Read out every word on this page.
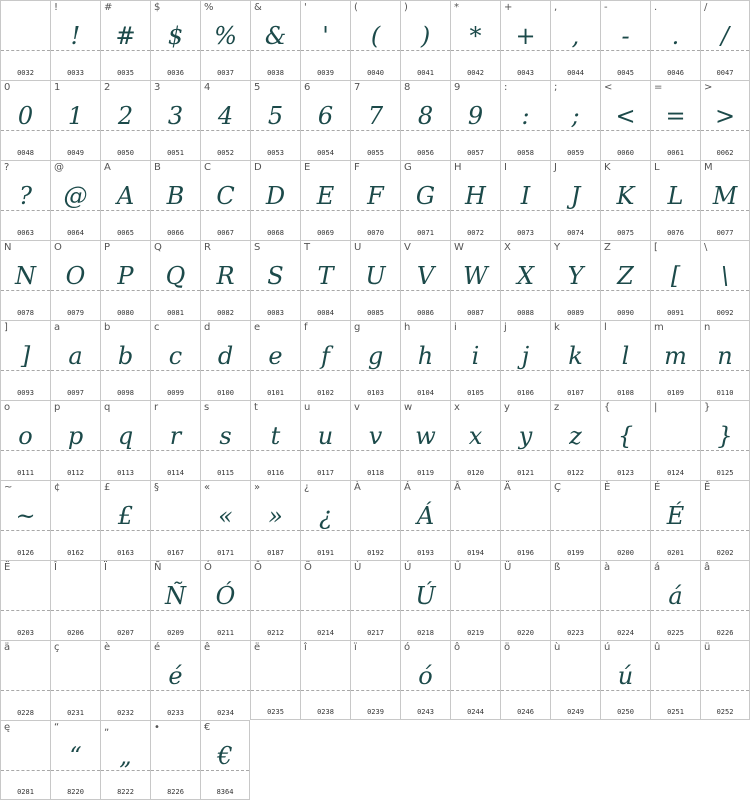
0032
!
!
0033
#
#
0035
$
$
0036
%
%
0037
&
&
0038
'
'
0039
(
(
0040
)
)
0041
*
*
0042
+
+
0043
,
,
0044
-
-
0045
.
.
0046
/
/
0047
0
0
0048
1
1
0049
2
2
0050
3
3
0051
4
4
0052
5
5
0053
6
6
0054
7
7
0055
8
8
0056
9
9
0057
:
:
0058
;
;
0059
<
<
0060
=
=
0061
>
>
0062
?
?
0063
@
@
0064
A
A
0065
B
B
0066
C
C
0067
D
D
0068
E
E
0069
F
F
0070
G
G
0071
H
H
0072
I
I
0073
J
J
0074
K
K
0075
L
L
0076
M
M
0077
N
N
0078
O
O
0079
P
P
0080
Q
Q
0081
R
R
0082
S
S
0083
T
T
0084
U
U
0085
V
V
0086
W
W
0087
X
X
0088
Y
Y
0089
Z
Z
0090
[
[
0091
\
\
0092
]
]
0093
a
a
0097
b
b
0098
c
c
0099
d
d
0100
e
e
0101
f
f
0102
g
g
0103
h
h
0104
i
i
0105
j
j
0106
k
k
0107
l
l
0108
m
m
0109
n
n
0110
o
o
0111
p
p
0112
q
q
0113
r
r
0114
s
s
0115
t
t
0116
u
u
0117
v
v
0118
w
w
0119
x
x
0120
y
y
0121
z
z
0122
{
{
0123
|
0124
}
}
0125
~
~
0126
¢
0162
£
£
0163
§
0167
«
«
0171
»
»
0187
¿
¿
0191
À
0192
Á
Á
0193
Â
0194
Ä
0196
Ç
0199
È
0200
É
É
0201
Ê
0202
Ë
0203
Î
0206
Ï
0207
Ñ
Ñ
0209
Ó
Ó
0211
Ô
0212
Ö
0214
Ù
0217
Ú
Ú
0218
Û
0219
Ü
0220
ß
0223
à
0224
á
á
0225
â
0226
ä
0228
ç
0231
è
0232
é
é
0233
ê
0234
ë
0235
î
0238
ï
0239
ó
ó
0243
ô
0244
ö
0246
ù
0249
ú
ú
0250
û
0251
ü
0252
ę
0281
“
“
8220
„
„
8222
•
8226
€
€
8364
